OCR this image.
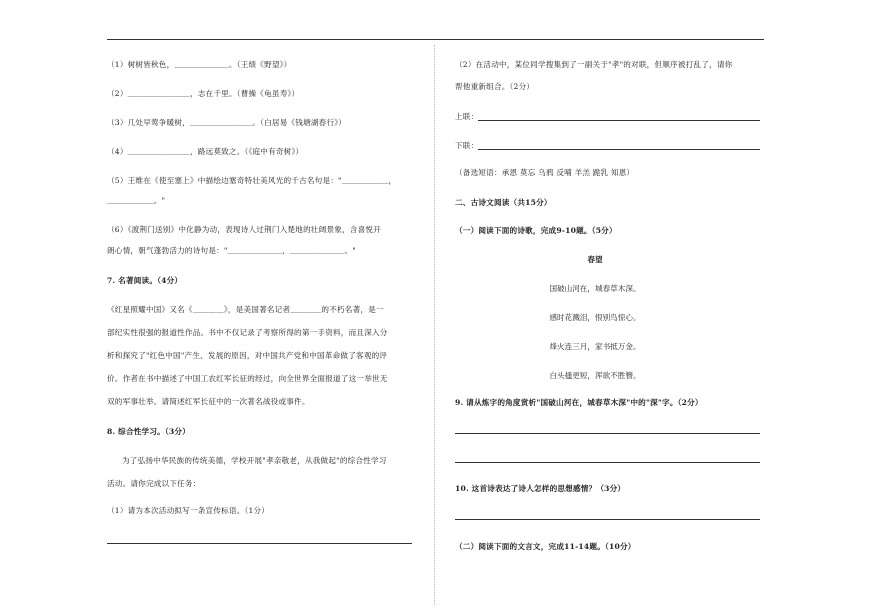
（1）树树皆秋色，＿＿＿＿＿＿＿。（王绩《野望》）
（2）＿＿＿＿＿＿＿＿，志在千里。（曹操《龟虽寿》）
（3）几处早莺争暖树，＿＿＿＿＿＿＿＿。（白居易《钱塘湖春行》）
（4）＿＿＿＿＿＿＿＿，路远莫致之。（《庭中有奇树》）
（5）王维在《使至塞上》中描绘边塞奇特壮美风光的千古名句是："＿＿＿＿＿＿，
＿＿＿＿＿＿。"
（6）《渡荆门送别》中化静为动，表现诗人过荆门入楚地的壮阔景象，含喜悦开
朗心情，朝气蓬勃活力的诗句是："＿＿＿＿＿＿＿，＿＿＿＿＿＿＿。"
7. 名著阅读。（4分）
《红星照耀中国》又名《＿＿＿＿》，是美国著名记者＿＿＿＿的不朽名著，是一
部纪实性很强的报道性作品。书中不仅记录了考察所得的第一手资料，而且深入分
析和探究了"红色中国"产生、发展的原因，对中国共产党和中国革命做了客观的评
价。作者在书中描述了中国工农红军长征的经过，向全世界全面报道了这一举世无
双的军事壮举。请简述红军长征中的一次著名战役或事件。
8. 综合性学习。（3分）
为了弘扬中华民族的传统美德，学校开展"孝亲敬老，从我做起"的综合性学习
活动。请你完成以下任务：
（1）请为本次活动拟写一条宣传标语。（1分）
（2）在活动中，某位同学搜集到了一副关于"孝"的对联，但顺序被打乱了，请你
帮他重新组合。（2分）
上联：
下联：
（备选短语：承恩 莫忘 乌鸦 反哺 羊羔 跪乳 知恩）
二、古诗文阅读（共15分）
（一）阅读下面的诗歌，完成9-10题。（5分）
春望
国破山河在，城春草木深。
感时花溅泪，恨别鸟惊心。
烽火连三月，家书抵万金。
白头搔更短，浑欲不胜簪。
9. 请从炼字的角度赏析"国破山河在，城春草木深"中的"深"字。（2分）
10. 这首诗表达了诗人怎样的思想感情？（3分）
（二）阅读下面的文言文，完成11-14题。（10分）
